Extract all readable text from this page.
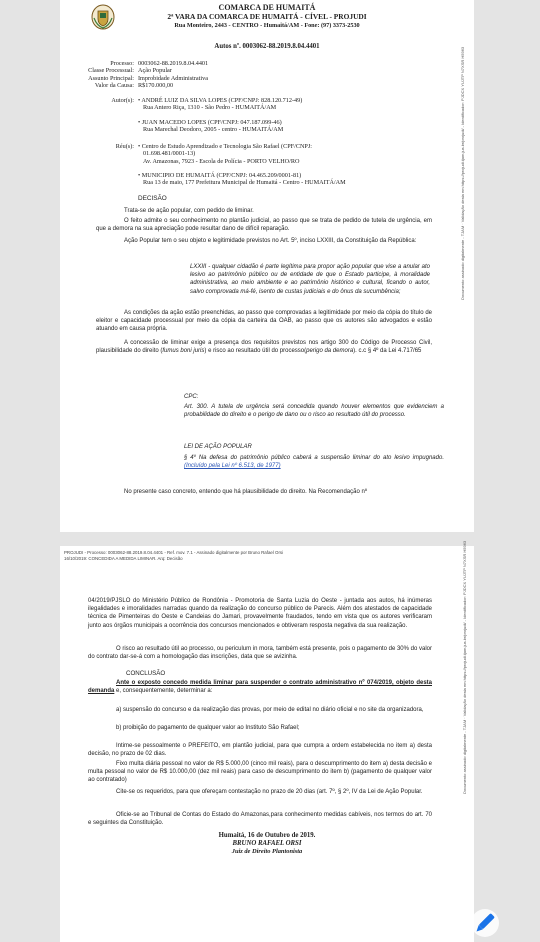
COMARCA DE HUMAITÁ
2ª VARA DA COMARCA DE HUMAITÁ - CÍVEL - PROJUDI
Rua Monteiro, 2443 - CENTRO - Humaitá/AM - Fone: (97) 3373-2530
Autos nº. 0003062-88.2019.8.04.4401
Processo: 0003062-88.2019.8.04.4401
Classe Processual: Ação Popular
Assunto Principal: Improbidade Administrativa
Valor da Causa: R$170.000,00
Autor(s): • ANDRÉ LUIZ DA SILVA LOPES (CPF/CNPJ: 828.120.712-49)
Rua Antero Riça, 1310 - São Pedro - HUMAITÁ/AM
• JUAN MACEDO LOPES (CPF/CNPJ: 047.187.099-46)
Rua Marechal Deodoro, 2005 - centro - HUMAITÁ/AM
Réu(s): • Centro de Estudo Aprendizado e Tecnologia São Rafael (CPF/CNPJ:
01.698.481/0001-13)
Av. Amazonas, 7923 - Escola de Polícia - PORTO VELHO/RO
• MUNICIPIO DE HUMAITÁ (CPF/CNPJ: 04.465.209/0001-81)
Rua 13 de maio, 177 Prefeitura Municipal de Humaitá - Centro - HUMAITÁ/AM
DECISÃO
Trata-se de ação popular, com pedido de liminar.
O feito admite o seu conhecimento no plantão judicial, ao passo que se trata de pedido de tutela de urgência, em que a demora na sua apreciação pode resultar dano de difícil reparação.
Ação Popular tem o seu objeto e legitimidade previstos no Art. 5º, inciso LXXIII, da Constituição da República:
LXXIII - qualquer cidadão é parte legítima para propor ação popular que vise a anular ato lesivo ao patrimônio público ou de entidade de que o Estado participe, à moralidade administrativa, ao meio ambiente e ao patrimônio histórico e cultural, ficando o autor, salvo comprovada má-fé, isento de custas judiciais e do ônus da sucumbência;
As condições da ação estão preenchidas, ao passo que comprovadas a legitimidade por meio da cópia do título de eleitor e capacidade processual por meio da cópia da carteira da OAB, ao passo que os autores são advogados e estão atuando em causa própria.
A concessão de liminar exige a presença dos requisitos previstos nos artigo 300 do Código de Processo Civil, plausibilidade do direito (fumus boni juris) e risco ao resultado útil do processo(perigo da demora). c.c § 4º da Lei 4.717/65
CPC:
Art. 300. A tutela de urgência será concedida quando houver elementos que evidenciem a probabilidade do direito e o perigo de dano ou o risco ao resultado útil do processo.
LEI DE AÇÃO POPULAR
§ 4º Na defesa do patrimônio público caberá a suspensão liminar do ato lesivo impugnado. (Incluído pela Lei nº 6.513, de 1977)
No presente caso concreto, entendo que há plausibilidade do direito. Na Recomendação nº
Documento assinado digitalmente - TJAM · Validação desta em https://projudi.tjam.jus.br/projudi/ - Identificador: PJDCX YUJTP N7XSR H5963
PROJUDI - Processo: 0003062-88.2019.8.04.4401 - Ref. mov. 7.1 - Assinado digitalmente por Bruno Rafael Orsi
16/10/2019: CONCEDIDA A MEDIDA LIMINAR. Arq: Decisão
04/2019/PJSLO do Ministério Público de Rondônia - Promotoria de Santa Luzia do Oeste - juntada aos autos, há inúmeras ilegalidades e imoralidades narradas quando da realização do concurso público de Parecis. Além dos atestados de capacidade técnica de Pimenteiras do Oeste e Candeias do Jamari, provavelmente fraudados, tendo em vista que os autores verificaram junto aos órgãos municipais a ocorrência dos concursos mencionados e obtiveram resposta negativa da sua realização.
O risco ao resultado útil ao processo, ou periculum in mora, também está presente, pois o pagamento de 30% do valor do contrato dar-se-á com a homologação das inscrições, data que se avizinha.
CONCLUSÃO
Ante o exposto concedo medida liminar para suspender o contrato administrativo nº 074/2019, objeto desta demanda e, consequentemente, determinar a:
a) suspensão do concurso e da realização das provas, por meio de edital no diário oficial e no site da organizadora,
b) proibição do pagamento de qualquer valor ao Instituto São Rafael;
Intime-se pessoalmente o PREFEITO, em plantão judicial, para que cumpra a ordem estabelecida no item a) desta decisão, no prazo de 02 dias.
Fixo multa diária pessoal no valor de R$ 5.000,00 (cinco mil reais), para o descumprimento do item a) desta decisão e multa pessoal no valor de R$ 10.000,00 (dez mil reais) para caso de descumprimento do item b) (pagamento de qualquer valor ao contratado)
Cite-se os requeridos, para que ofereçam contestação no prazo de 20 dias (art. 7º, § 2º, IV da Lei de Ação Popular.
Oficie-se ao Tribunal de Contas do Estado do Amazonas,para conhecimento medidas cabíveis, nos termos do art. 70 e seguintes da Constituição.
Humaitá, 16 de Outubro de 2019.
BRUNO RAFAEL ORSI
Juiz de Direito Plantonista
Documento assinado digitalmente - TJAM · Validação desta em https://projudi.tjam.jus.br/projudi/ - Identificador: PJDCX YUJTP N7XSR H5963
